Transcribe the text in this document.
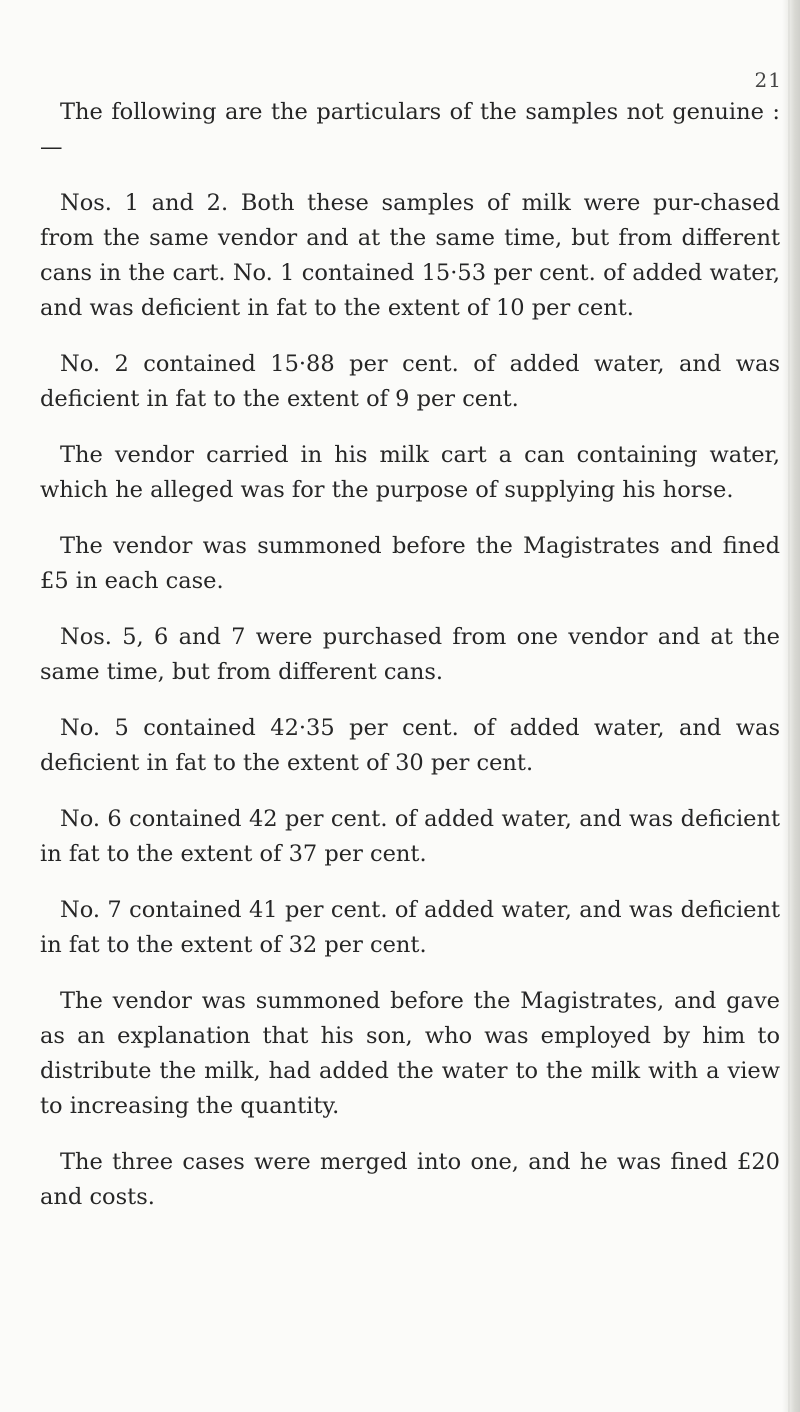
21

The following are the particulars of the samples not genuine :—

Nos. 1 and 2. Both these samples of milk were pur-chased from the same vendor and at the same time, but from different cans in the cart. No. 1 contained 15·53 per cent. of added water, and was deficient in fat to the extent of 10 per cent.

No. 2 contained 15·88 per cent. of added water, and was deficient in fat to the extent of 9 per cent.

The vendor carried in his milk cart a can containing water, which he alleged was for the purpose of supplying his horse.

The vendor was summoned before the Magistrates and fined £5 in each case.

Nos. 5, 6 and 7 were purchased from one vendor and at the same time, but from different cans.

No. 5 contained 42·35 per cent. of added water, and was deficient in fat to the extent of 30 per cent.

No. 6 contained 42 per cent. of added water, and was deficient in fat to the extent of 37 per cent.

No. 7 contained 41 per cent. of added water, and was deficient in fat to the extent of 32 per cent.

The vendor was summoned before the Magistrates, and gave as an explanation that his son, who was employed by him to distribute the milk, had added the water to the milk with a view to increasing the quantity.

The three cases were merged into one, and he was fined £20 and costs.
